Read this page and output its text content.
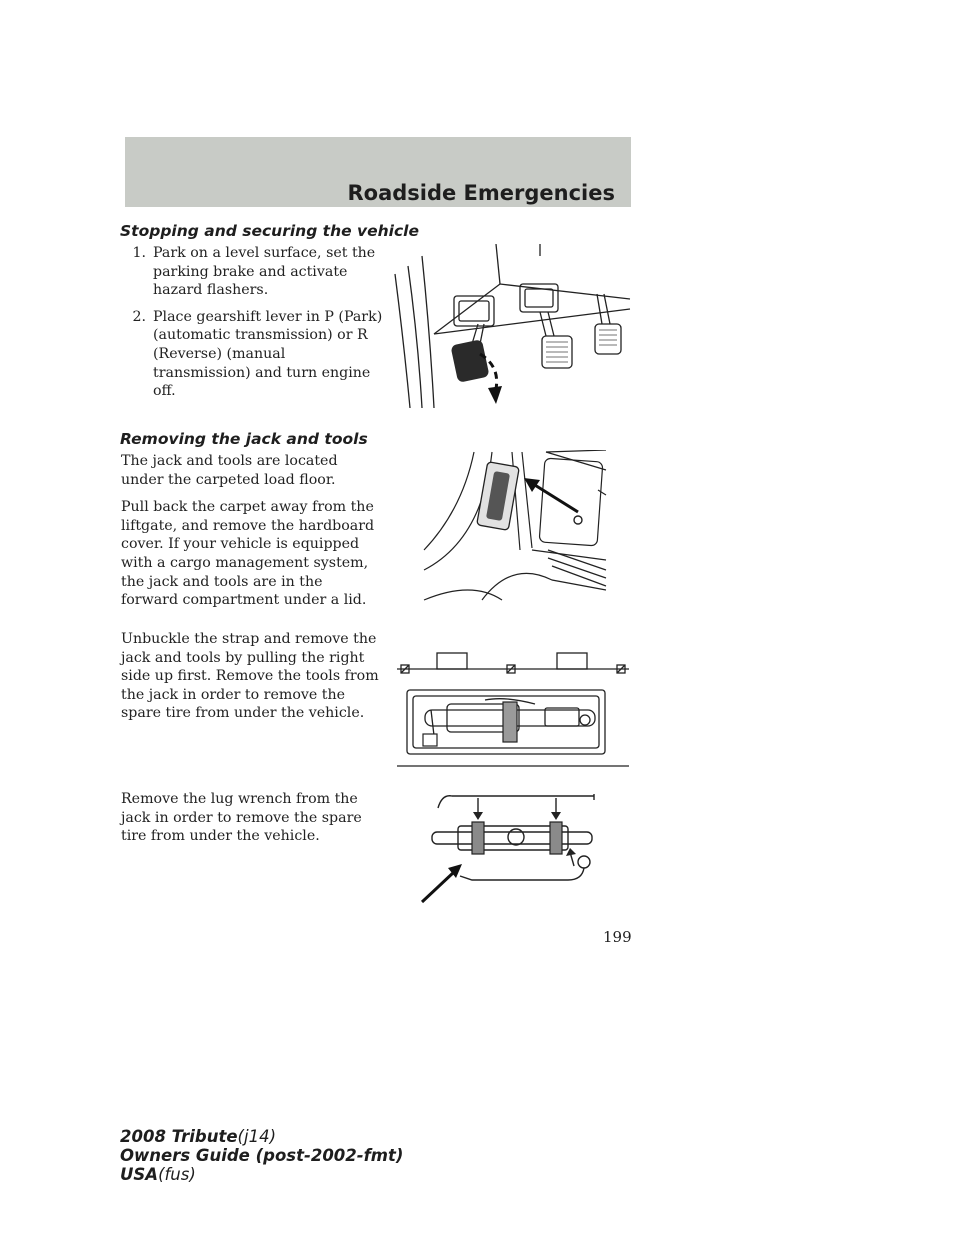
Roadside Emergencies
Stopping and securing the vehicle
1. Park on a level surface, set the parking brake and activate hazard flashers.
2. Place gearshift lever in P (Park) (automatic transmission) or R (Reverse) (manual transmission) and turn engine off.
Removing the jack and tools

The jack and tools are located under the carpeted load floor.

Pull back the carpet away from the liftgate, and remove the hardboard cover. If your vehicle is equipped with a cargo management system, the jack and tools are in the forward compartment under a lid.

Unbuckle the strap and remove the jack and tools by pulling the right side up first. Remove the tools from the jack in order to remove the spare tire from under the vehicle.

Remove the lug wrench from the jack in order to remove the spare tire from under the vehicle.

199
2008 Tribute(j14)
Owners Guide (post-2002-fmt)
USA(fus)
